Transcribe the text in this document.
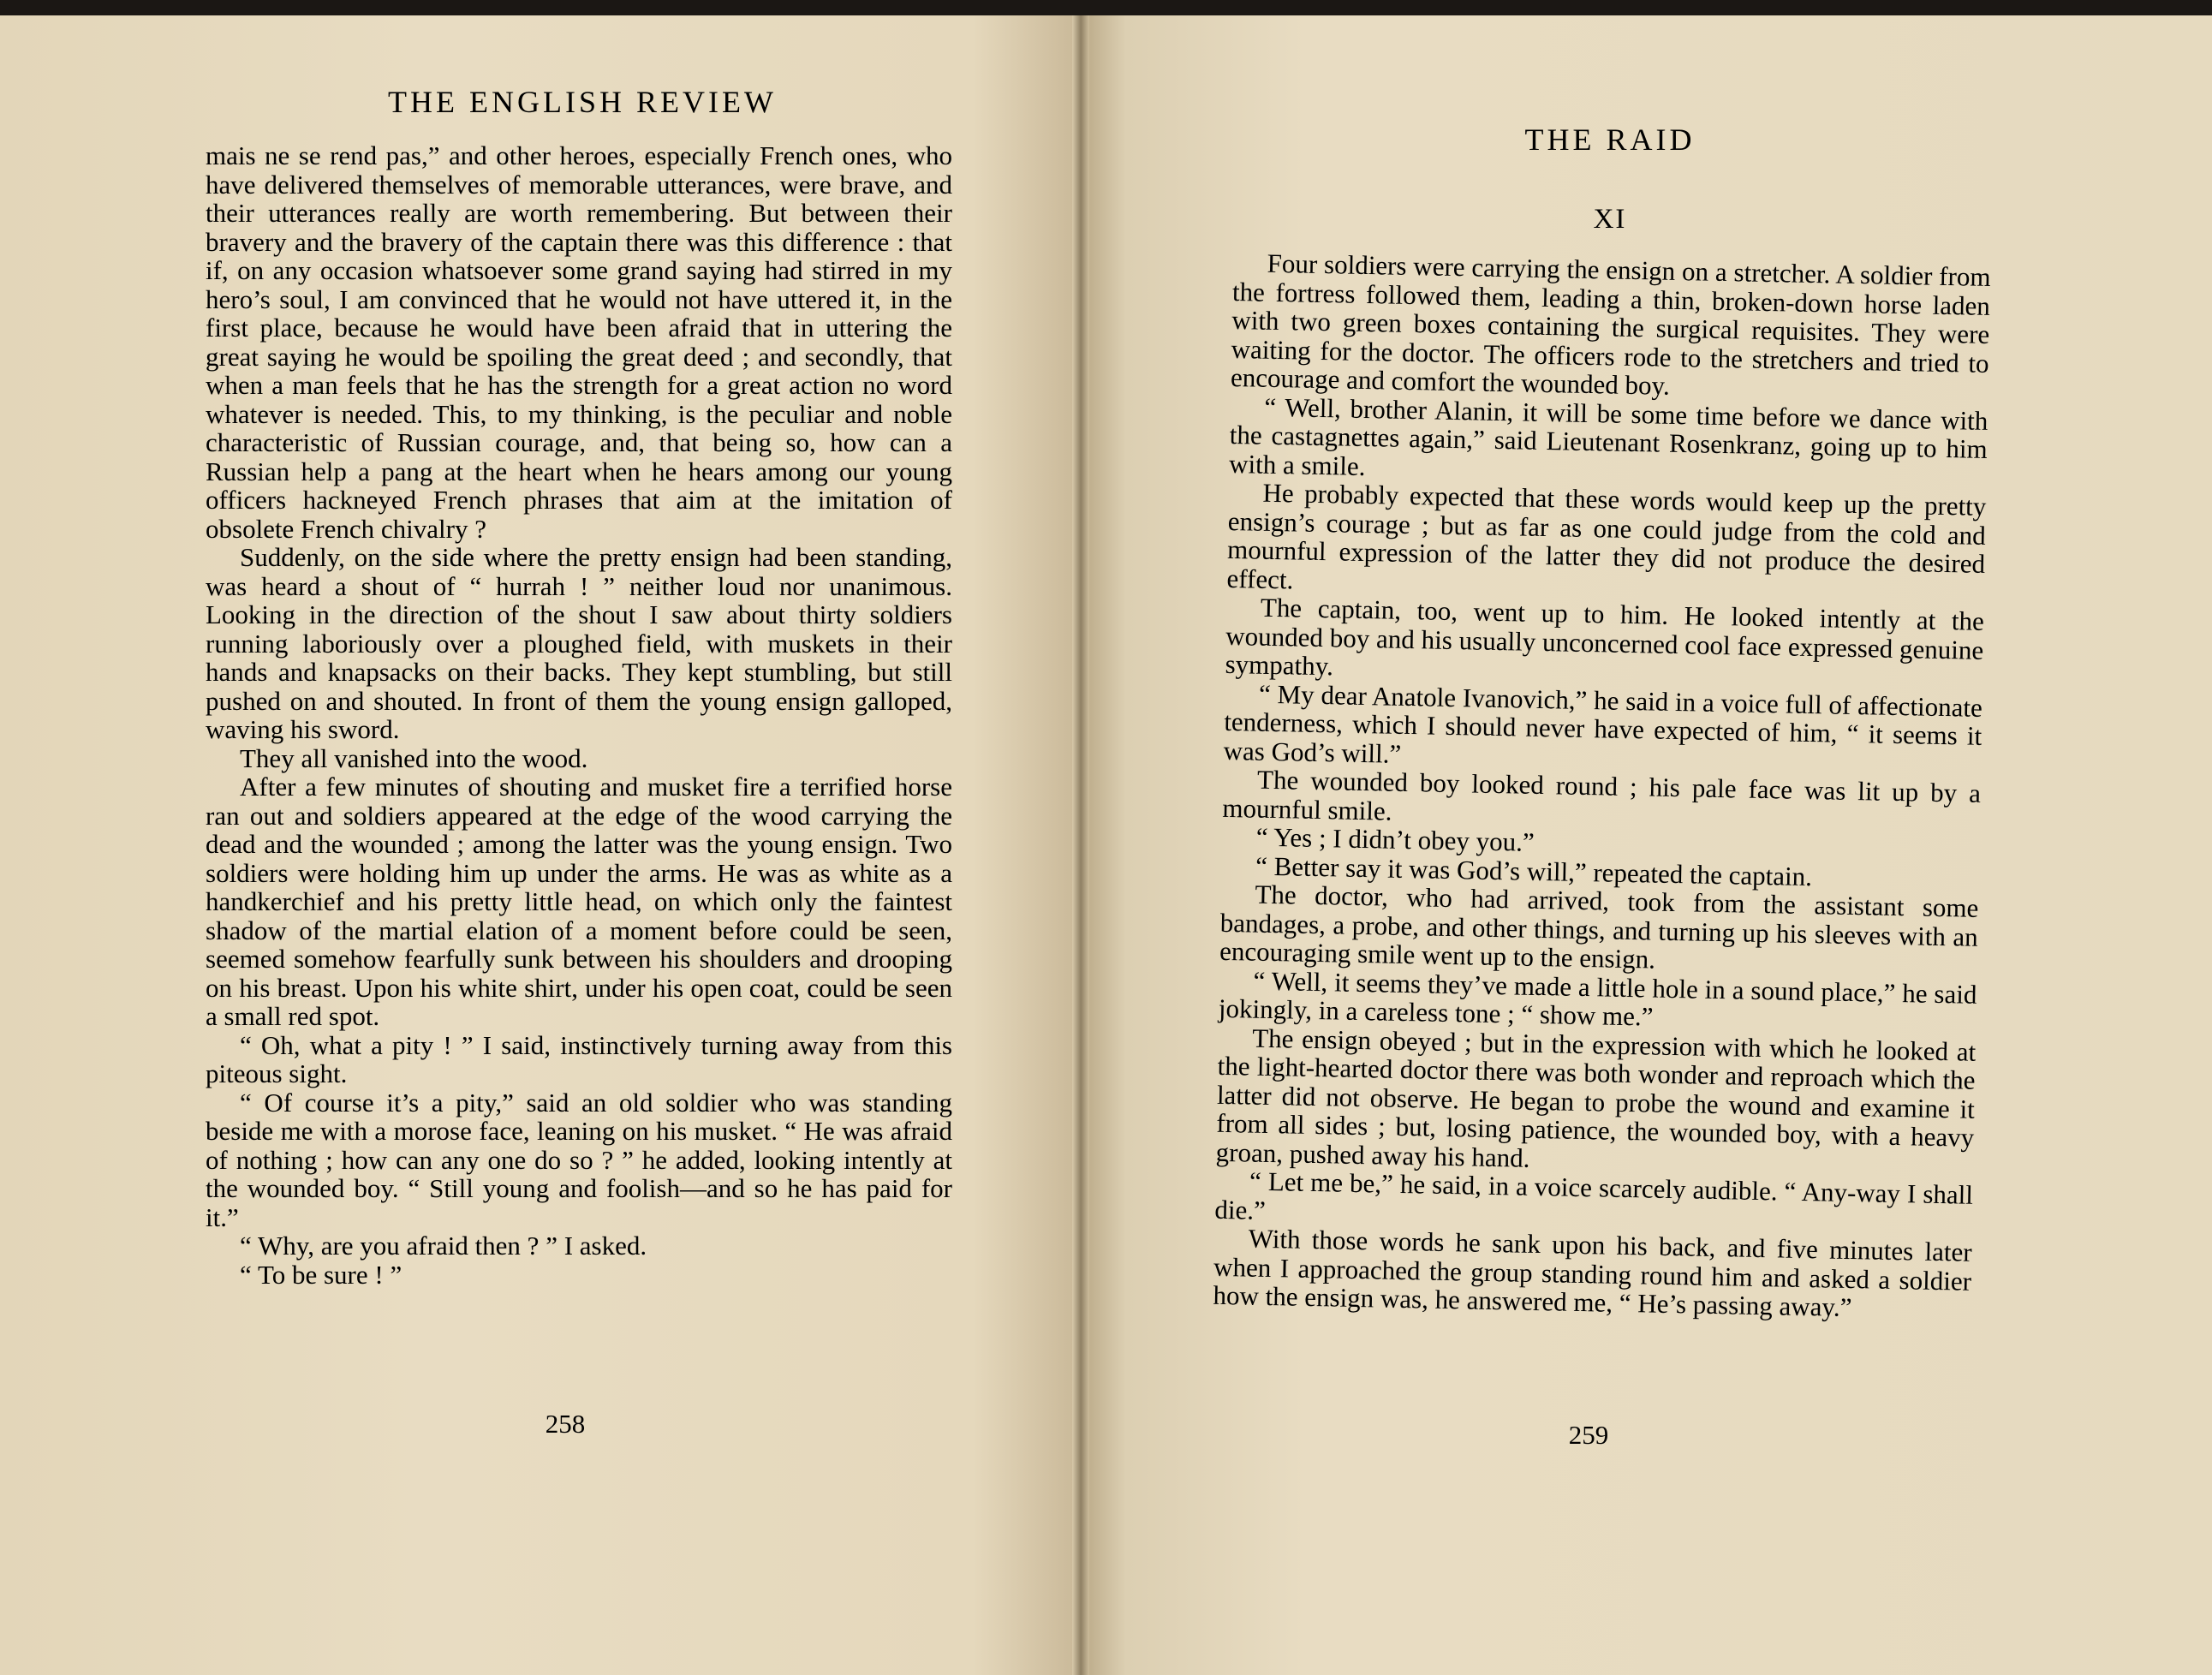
THE ENGLISH REVIEW

mais ne se rend pas,” and other heroes, especially French ones, who have delivered themselves of memorable utterances, were brave, and their utterances really are worth remembering. But between their bravery and the bravery of the captain there was this difference : that if, on any occasion whatsoever some grand saying had stirred in my hero’s soul, I am convinced that he would not have uttered it, in the first place, because he would have been afraid that in uttering the great saying he would be spoiling the great deed ; and secondly, that when a man feels that he has the strength for a great action no word whatever is needed. This, to my thinking, is the peculiar and noble characteristic of Russian courage, and, that being so, how can a Russian help a pang at the heart when he hears among our young officers hackneyed French phrases that aim at the imitation of obsolete French chivalry ?

Suddenly, on the side where the pretty ensign had been standing, was heard a shout of “ hurrah ! ” neither loud nor unanimous. Looking in the direction of the shout I saw about thirty soldiers running laboriously over a ploughed field, with muskets in their hands and knapsacks on their backs. They kept stumbling, but still pushed on and shouted. In front of them the young ensign galloped, waving his sword.

They all vanished into the wood.

After a few minutes of shouting and musket fire a terrified horse ran out and soldiers appeared at the edge of the wood carrying the dead and the wounded ; among the latter was the young ensign. Two soldiers were holding him up under the arms. He was as white as a handkerchief and his pretty little head, on which only the faintest shadow of the martial elation of a moment before could be seen, seemed somehow fearfully sunk between his shoulders and drooping on his breast. Upon his white shirt, under his open coat, could be seen a small red spot.

“ Oh, what a pity ! ” I said, instinctively turning away from this piteous sight.

“ Of course it’s a pity,” said an old soldier who was standing beside me with a morose face, leaning on his musket. “ He was afraid of nothing ; how can any one do so ? ” he added, looking intently at the wounded boy. “ Still young and foolish—and so he has paid for it.”

“ Why, are you afraid then ? ” I asked.

“ To be sure ! ”

258
THE RAID
XI

Four soldiers were carrying the ensign on a stretcher. A soldier from the fortress followed them, leading a thin, broken-down horse laden with two green boxes containing the surgical requisites. They were waiting for the doctor. The officers rode to the stretchers and tried to encourage and comfort the wounded boy.

“ Well, brother Alanin, it will be some time before we dance with the castagnettes again,” said Lieutenant Rosenkranz, going up to him with a smile.

He probably expected that these words would keep up the pretty ensign’s courage ; but as far as one could judge from the cold and mournful expression of the latter they did not produce the desired effect.

The captain, too, went up to him. He looked intently at the wounded boy and his usually unconcerned cool face expressed genuine sympathy.

“ My dear Anatole Ivanovich,” he said in a voice full of affectionate tenderness, which I should never have expected of him, “ it seems it was God’s will.”

The wounded boy looked round ; his pale face was lit up by a mournful smile.

“ Yes ; I didn’t obey you.”

“ Better say it was God’s will,” repeated the captain.

The doctor, who had arrived, took from the assistant some bandages, a probe, and other things, and turning up his sleeves with an encouraging smile went up to the ensign.

“ Well, it seems they’ve made a little hole in a sound place,” he said jokingly, in a careless tone ; “ show me.”

The ensign obeyed ; but in the expression with which he looked at the light-hearted doctor there was both wonder and reproach which the latter did not observe. He began to probe the wound and examine it from all sides ; but, losing patience, the wounded boy, with a heavy groan, pushed away his hand.

“ Let me be,” he said, in a voice scarcely audible. “ Any-way I shall die.”

With those words he sank upon his back, and five minutes later when I approached the group standing round him and asked a soldier how the ensign was, he answered me, “ He’s passing away.”

259
